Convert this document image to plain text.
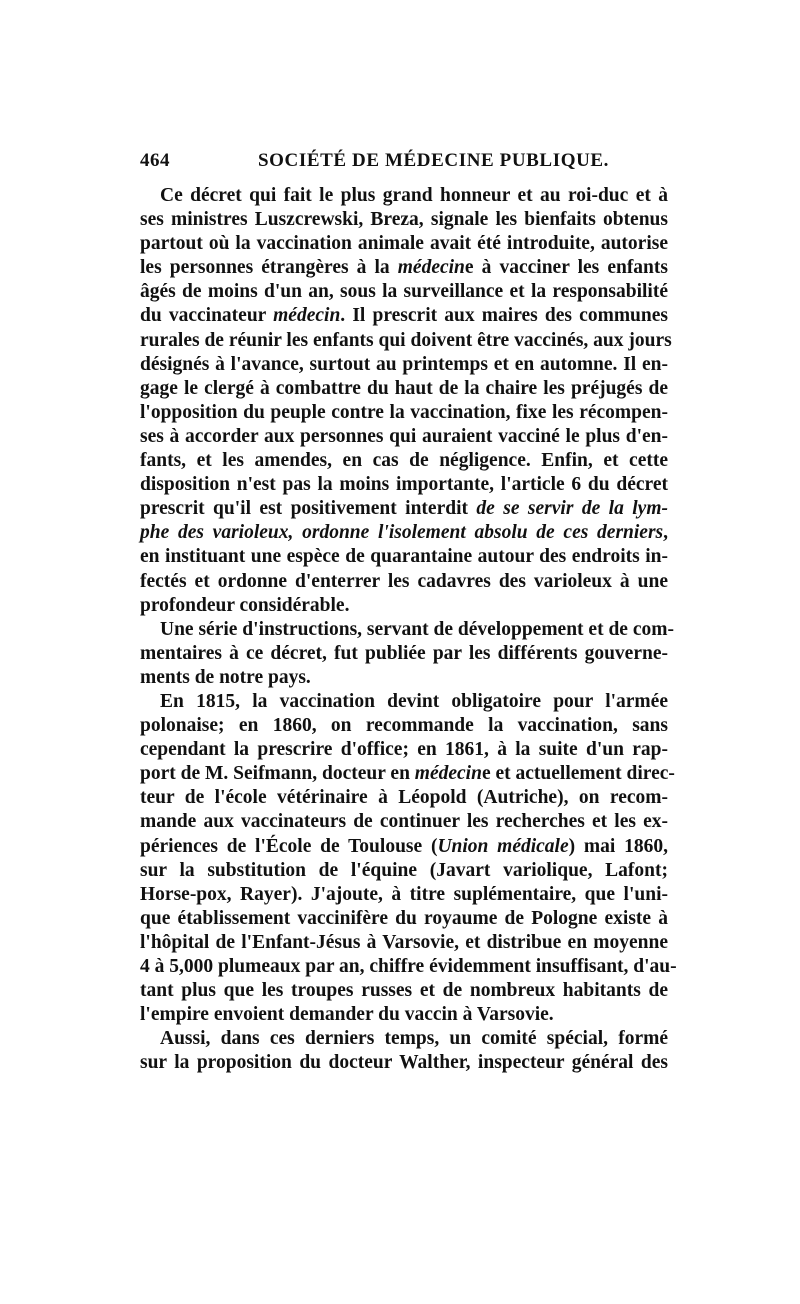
464	SOCIÉTÉ DE MÉDECINE PUBLIQUE.
Ce décret qui fait le plus grand honneur et au roi-duc et à
ses ministres Luszcrewski, Breza, signale les bienfaits obtenus
partout où la vaccination animale avait été introduite, autorise
les personnes étrangères à la médecine à vacciner les enfants
âgés de moins d'un an, sous la surveillance et la responsabilité
du vaccinateur médecin. Il prescrit aux maires des communes
rurales de réunir les enfants qui doivent être vaccinés, aux jours
désignés à l'avance, surtout au printemps et en automne. Il en-
gage le clergé à combattre du haut de la chaire les préjugés de
l'opposition du peuple contre la vaccination, fixe les récompen-
ses à accorder aux personnes qui auraient vacciné le plus d'en-
fants, et les amendes, en cas de négligence. Enfin, et cette
disposition n'est pas la moins importante, l'article 6 du décret
prescrit qu'il est positivement interdit de se servir de la lym-
phe des varioleux, ordonne l'isolement absolu de ces derniers,
en instituant une espèce de quarantaine autour des endroits in-
fectés et ordonne d'enterrer les cadavres des varioleux à une
profondeur considérable.
Une série d'instructions, servant de développement et de com-
mentaires à ce décret, fut publiée par les différents gouverne-
ments de notre pays.
En 1815, la vaccination devint obligatoire pour l'armée
polonaise; en 1860, on recommande la vaccination, sans
cependant la prescrire d'office; en 1861, à la suite d'un rap-
port de M. Seifmann, docteur en médecine et actuellement direc-
teur de l'école vétérinaire à Léopold (Autriche), on recom-
mande aux vaccinateurs de continuer les recherches et les ex-
périences de l'École de Toulouse (Union médicale) mai 1860,
sur la substitution de l'équine (Javart variolique, Lafont;
Horse-pox, Rayer). J'ajoute, à titre suplémentaire, que l'uni-
que établissement vaccinifère du royaume de Pologne existe à
l'hôpital de l'Enfant-Jésus à Varsovie, et distribue en moyenne
4 à 5,000 plumeaux par an, chiffre évidemment insuffisant, d'au-
tant plus que les troupes russes et de nombreux habitants de
l'empire envoient demander du vaccin à Varsovie.
Aussi, dans ces derniers temps, un comité spécial, formé
sur la proposition du docteur Walther, inspecteur général des
